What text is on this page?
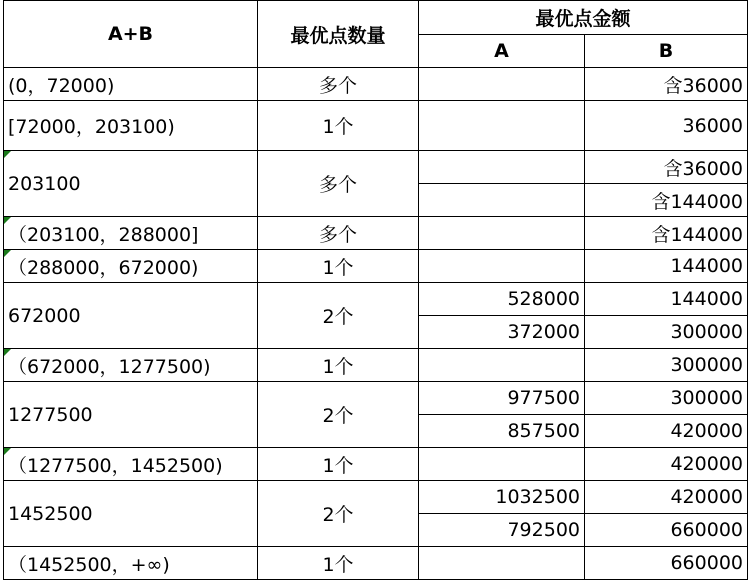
A+B	最优点数量	最优点金额	
		A	B
(0，72000)	多个		含36000
[72000，203100)	1个		36000
203100	多个		含36000
			含144000
（203100，288000]	多个		含144000
（288000，672000)	1个		144000
672000	2个	528000	144000
		372000	300000
（672000，1277500)	1个		300000
1277500	2个	977500	300000
		857500	420000
（1277500，1452500)	1个		420000
1452500	2个	1032500	420000
		792500	660000
（1452500，+∞)	1个		660000
